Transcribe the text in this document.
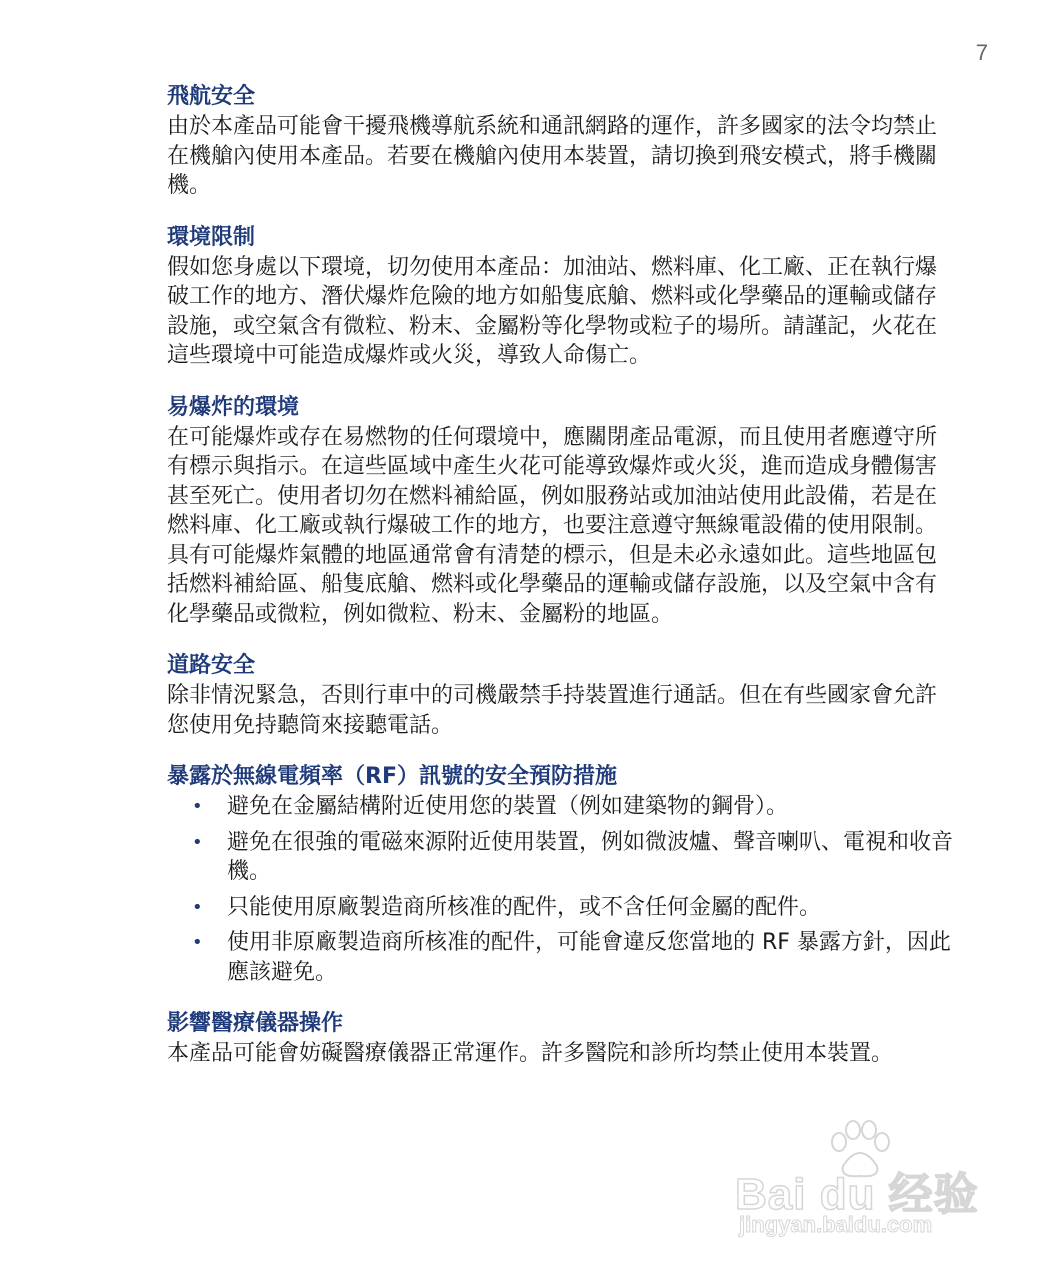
7
飛航安全

由於本產品可能會干擾飛機導航系統和通訊網路的運作，許多國家的法令均禁止在機艙內使用本產品。若要在機艙內使用本裝置，請切換到飛安模式，將手機關機。

環境限制

假如您身處以下環境，切勿使用本產品：加油站、燃料庫、化工廠、正在執行爆破工作的地方、潛伏爆炸危險的地方如船隻底艙、燃料或化學藥品的運輸或儲存設施，或空氣含有微粒、粉末、金屬粉等化學物或粒子的場所。請謹記，火花在這些環境中可能造成爆炸或火災，導致人命傷亡。

易爆炸的環境

在可能爆炸或存在易燃物的任何環境中，應關閉產品電源，而且使用者應遵守所有標示與指示。在這些區域中產生火花可能導致爆炸或火災，進而造成身體傷害甚至死亡。使用者切勿在燃料補給區，例如服務站或加油站使用此設備，若是在燃料庫、化工廠或執行爆破工作的地方，也要注意遵守無線電設備的使用限制。具有可能爆炸氣體的地區通常會有清楚的標示，但是未必永遠如此。這些地區包括燃料補給區、船隻底艙、燃料或化學藥品的運輸或儲存設施，以及空氣中含有化學藥品或微粒，例如微粒、粉末、金屬粉的地區。

道路安全

除非情況緊急，否則行車中的司機嚴禁手持裝置進行通話。但在有些國家會允許您使用免持聽筒來接聽電話。

暴露於無線電頻率（RF）訊號的安全預防措施
• 避免在金屬結構附近使用您的裝置（例如建築物的鋼骨）。
• 避免在很強的電磁來源附近使用裝置，例如微波爐、聲音喇叭、電視和收音機。
• 只能使用原廠製造商所核准的配件，或不含任何金屬的配件。
• 使用非原廠製造商所核准的配件，可能會違反您當地的 RF 暴露方針，因此應該避免。
影響醫療儀器操作

本產品可能會妨礙醫療儀器正常運作。許多醫院和診所均禁止使用本裝置。

Bai du 经验
jingyan.baidu.com
